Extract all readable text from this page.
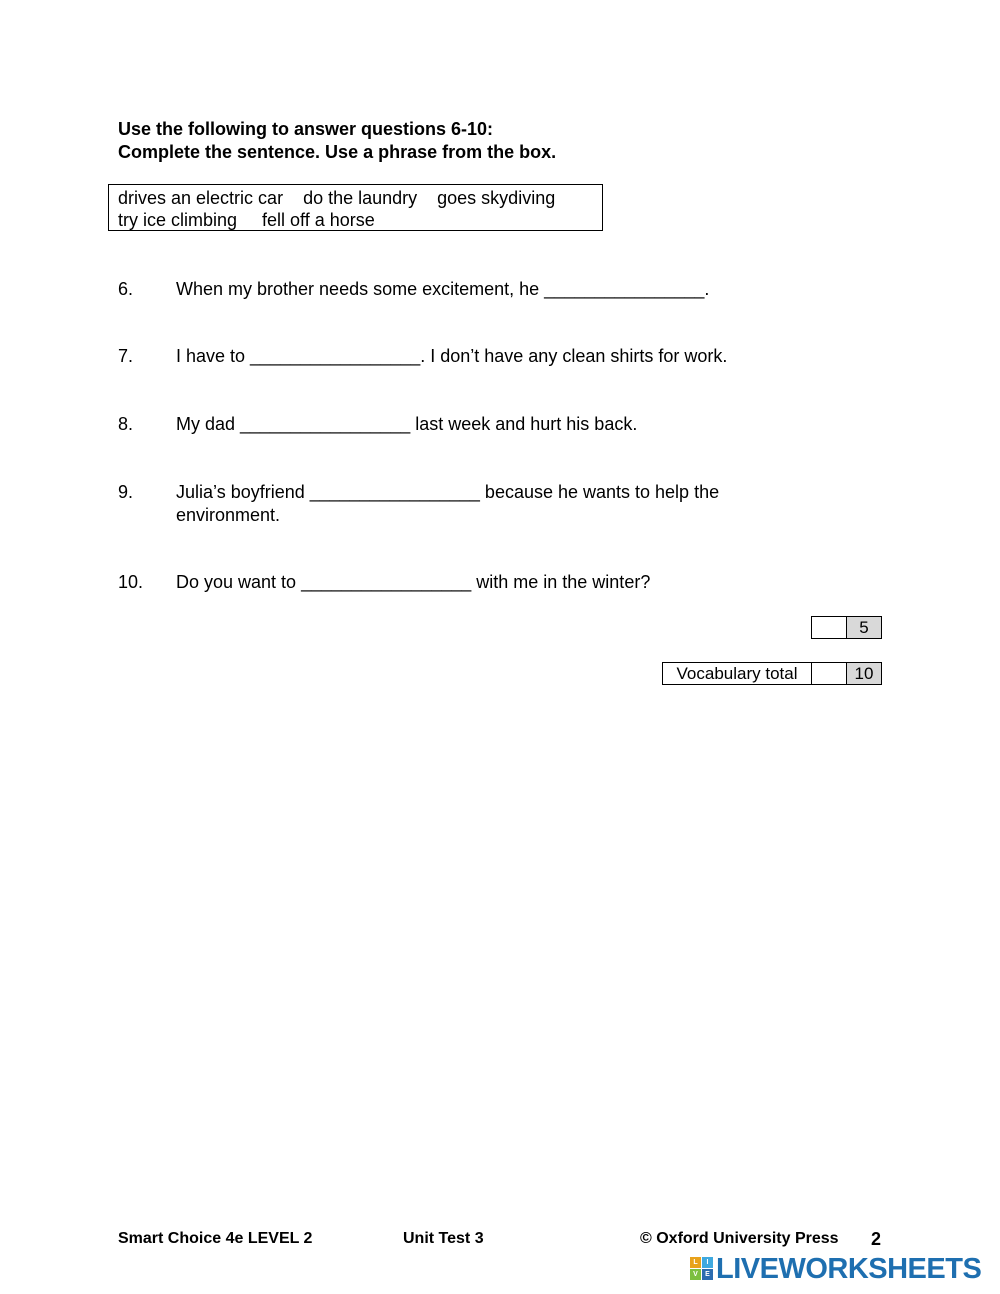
Use the following to answer questions 6-10:
Complete the sentence. Use a phrase from the box.
drives an electric car    do the laundry    goes skydiving
try ice climbing     fell off a horse
6.	When my brother needs some excitement, he ________________.
7.	I have to _________________. I don’t have any clean shirts for work.
8.	My dad _________________ last week and hurt his back.
9.	Julia’s boyfriend _________________ because he wants to help the environment.
10.	Do you want to _________________ with me in the winter?
	5
Vocabulary total		10
Smart Choice 4e LEVEL 2	Unit Test 3	© Oxford University Press 2
L	I
V	E LIVEWORKSHEETS
